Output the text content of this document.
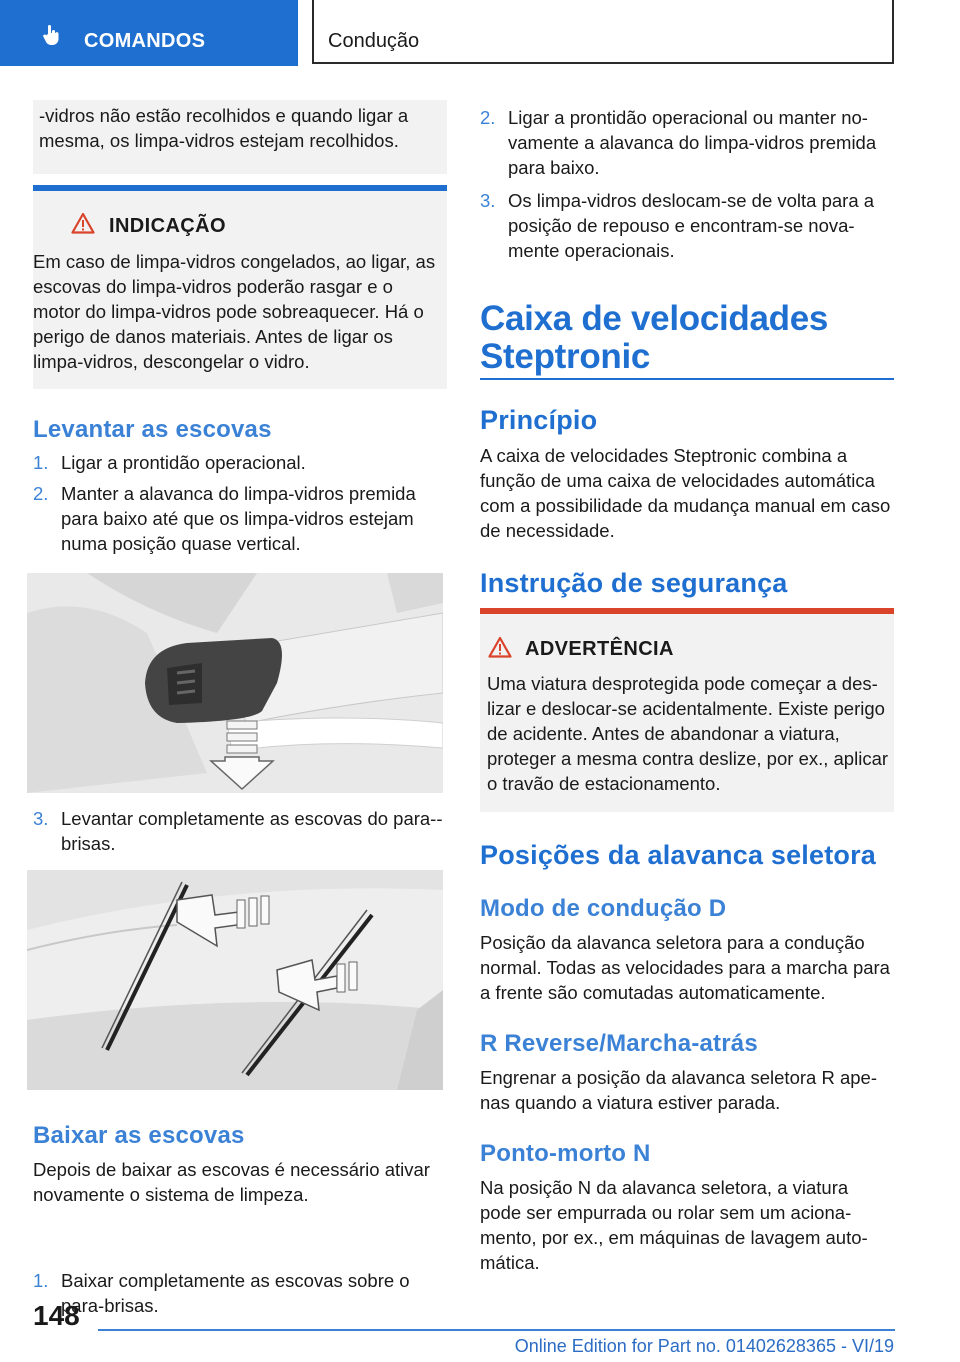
COMANDOS	Condução
-vidros não estão recolhidos e quando ligar a mesma, os limpa-vidros estejam recolhidos.
INDICAÇÃO
Em caso de limpa-vidros congelados, ao ligar, as escovas do limpa-vidros poderão rasgar e o motor do limpa-vidros pode sobreaquecer. Há o perigo de danos materiais. Antes de ligar os limpa-vidros, descongelar o vidro.
Levantar as escovas
1. Ligar a prontidão operacional.
2. Manter a alavanca do limpa-vidros premida para baixo até que os limpa-vidros estejam numa posição quase vertical.
3. Levantar completamente as escovas do para-brisas.
Baixar as escovas
Depois de baixar as escovas é necessário ativar novamente o sistema de limpeza.
1. Baixar completamente as escovas sobre o para-brisas.
2. Ligar a prontidão operacional ou manter novamente a alavanca do limpa-vidros premida para baixo.
3. Os limpa-vidros deslocam-se de volta para a posição de repouso e encontram-se novamente operacionais.
Caixa de velocidades Steptronic
Princípio
A caixa de velocidades Steptronic combina a função de uma caixa de velocidades automática com a possibilidade da mudança manual em caso de necessidade.
Instrução de segurança
ADVERTÊNCIA
Uma viatura desprotegida pode começar a deslizar e deslocar-se acidentalmente. Existe perigo de acidente. Antes de abandonar a viatura, proteger a mesma contra deslize, por ex., aplicar o travão de estacionamento.
Posições da alavanca seletora
Modo de condução D
Posição da alavanca seletora para a condução normal. Todas as velocidades para a marcha para a frente são comutadas automaticamente.
R Reverse/Marcha-atrás
Engrenar a posição da alavanca seletora R apenas quando a viatura estiver parada.
Ponto-morto N
Na posição N da alavanca seletora, a viatura pode ser empurrada ou rolar sem um acionamento, por ex., em máquinas de lavagem automática.
148
Online Edition for Part no. 01402628365 - VI/19
